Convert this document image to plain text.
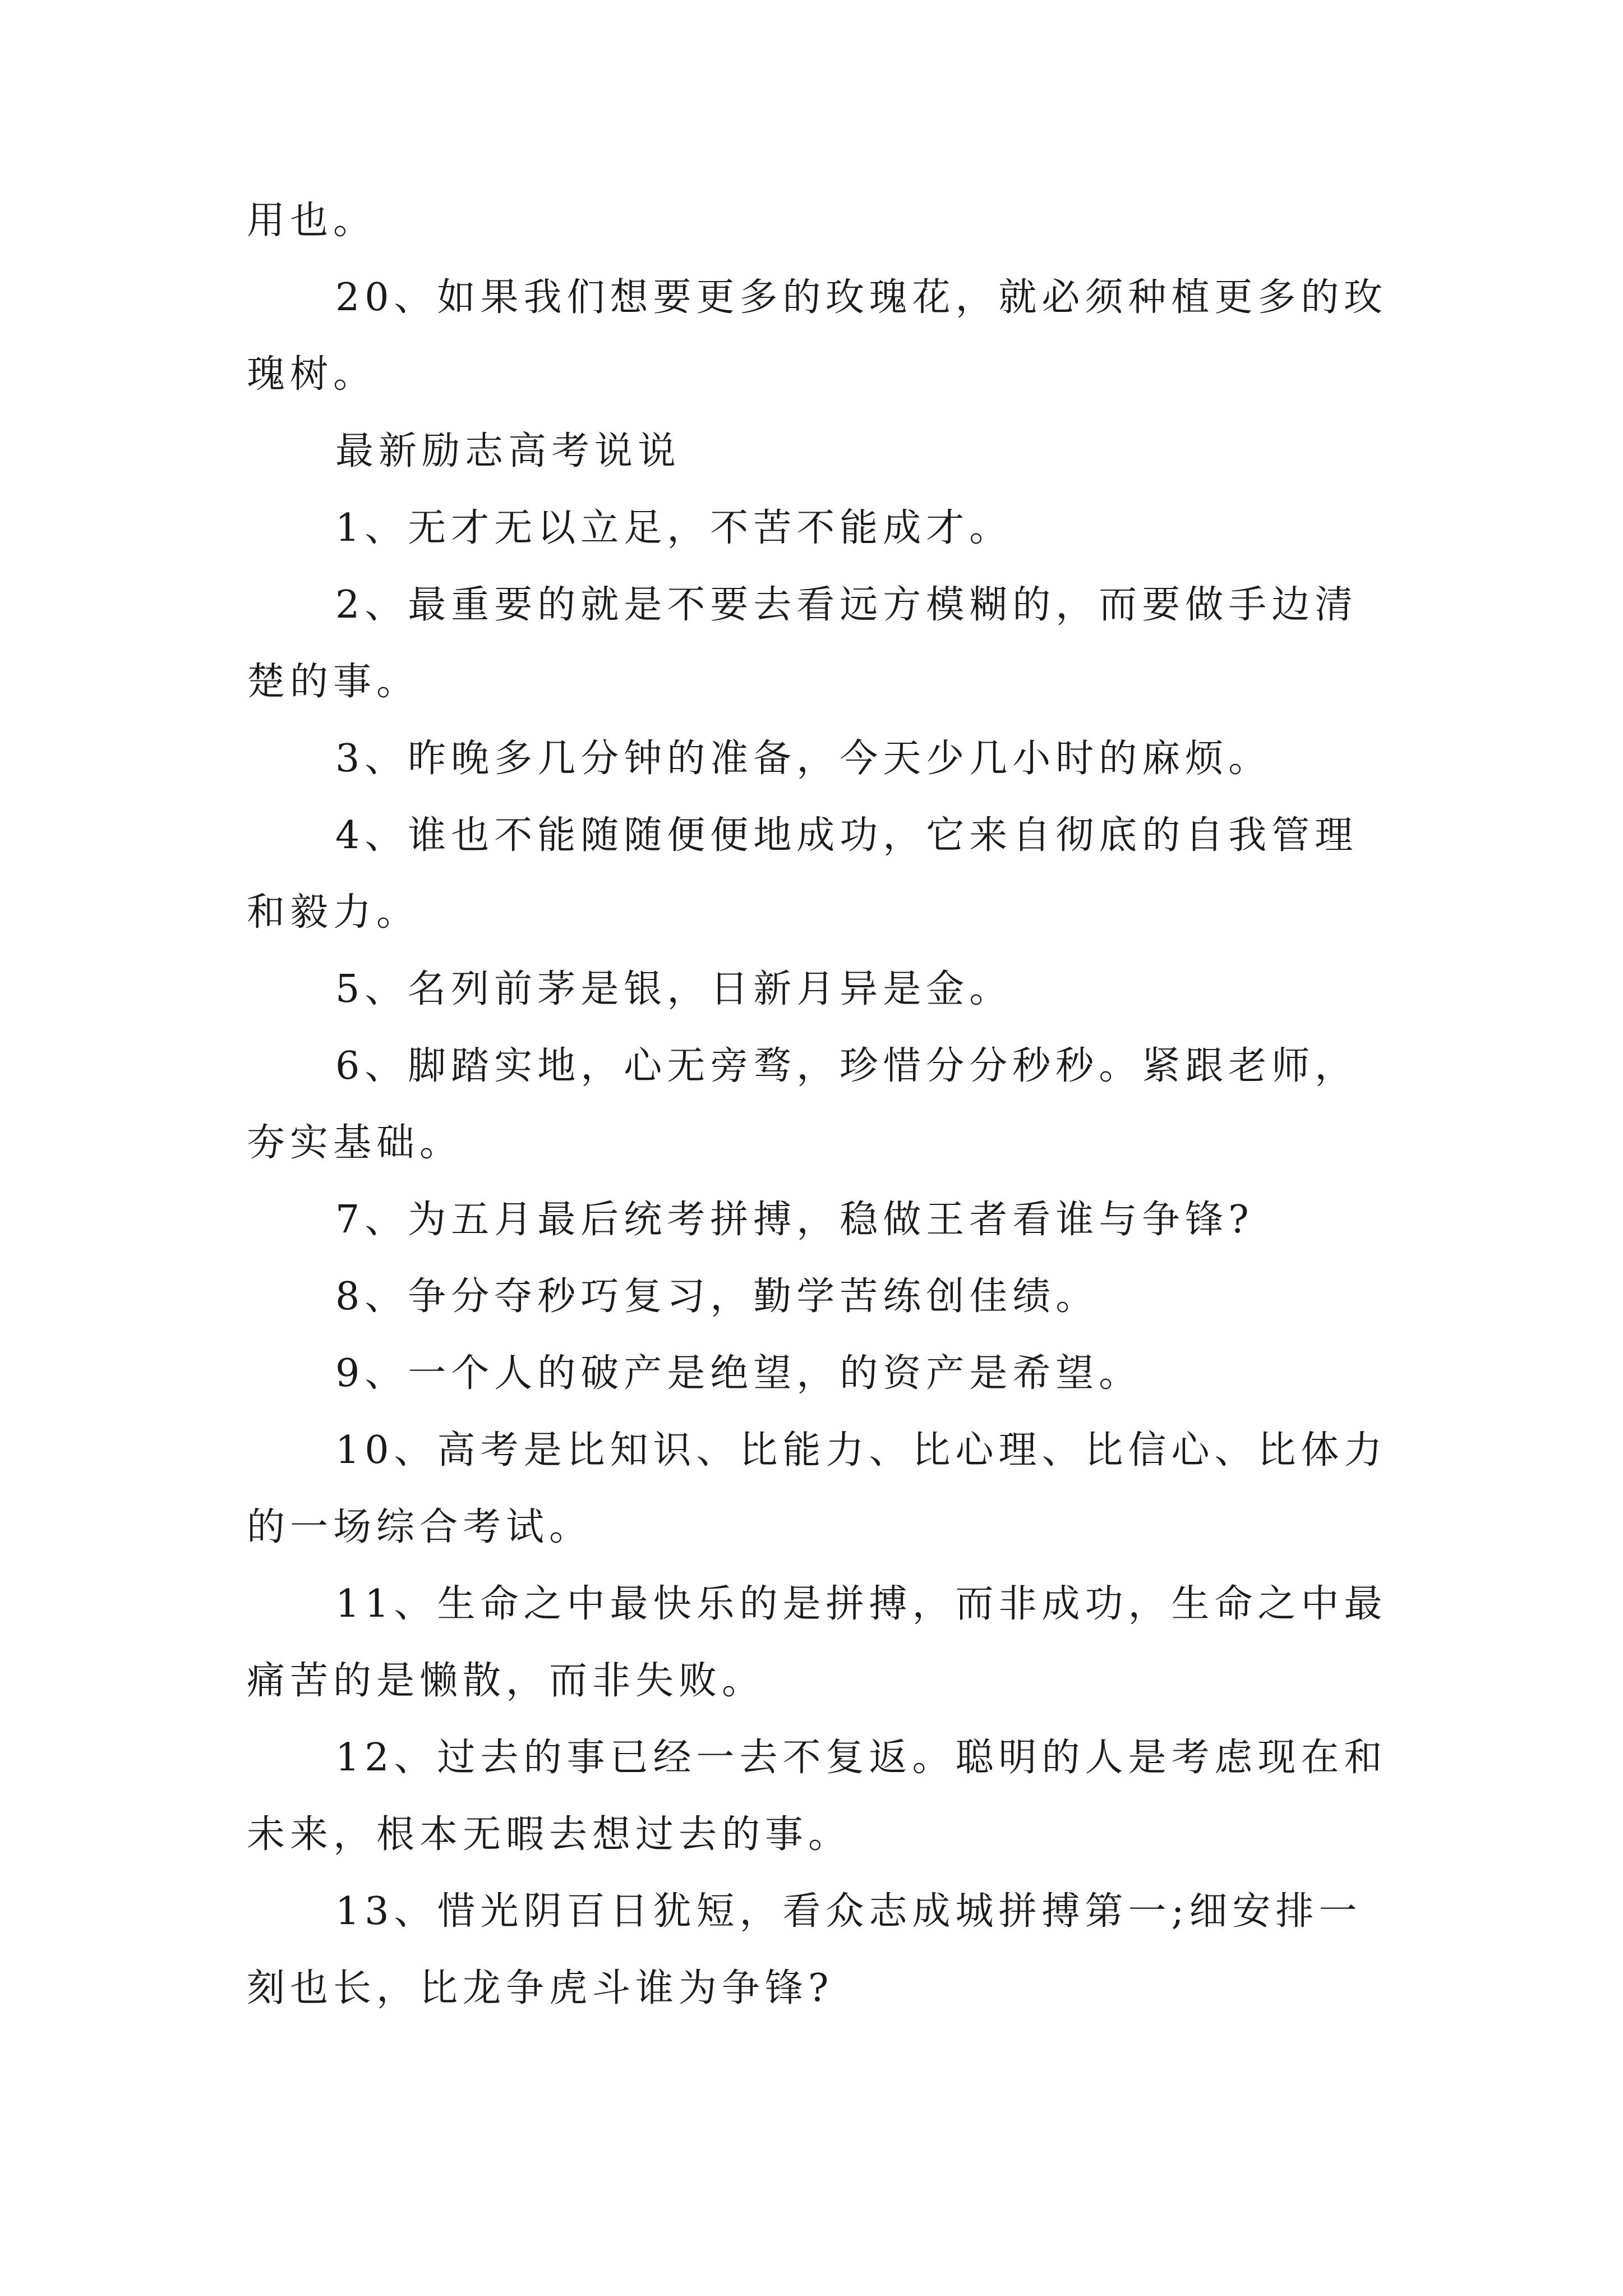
用也。
20、如果我们想要更多的玫瑰花，就必须种植更多的玫
瑰树。
最新励志高考说说
1、无才无以立足，不苦不能成才。
2、最重要的就是不要去看远方模糊的，而要做手边清
楚的事。
3、昨晚多几分钟的准备，今天少几小时的麻烦。
4、谁也不能随随便便地成功，它来自彻底的自我管理
和毅力。
5、名列前茅是银，日新月异是金。
6、脚踏实地，心无旁骛，珍惜分分秒秒。紧跟老师，
夯实基础。
7、为五月最后统考拼搏，稳做王者看谁与争锋?
8、争分夺秒巧复习，勤学苦练创佳绩。
9、一个人的破产是绝望，的资产是希望。
10、高考是比知识、比能力、比心理、比信心、比体力
的一场综合考试。
11、生命之中最快乐的是拼搏，而非成功，生命之中最
痛苦的是懒散，而非失败。
12、过去的事已经一去不复返。聪明的人是考虑现在和
未来，根本无暇去想过去的事。
13、惜光阴百日犹短，看众志成城拼搏第一;细安排一
刻也长，比龙争虎斗谁为争锋?
